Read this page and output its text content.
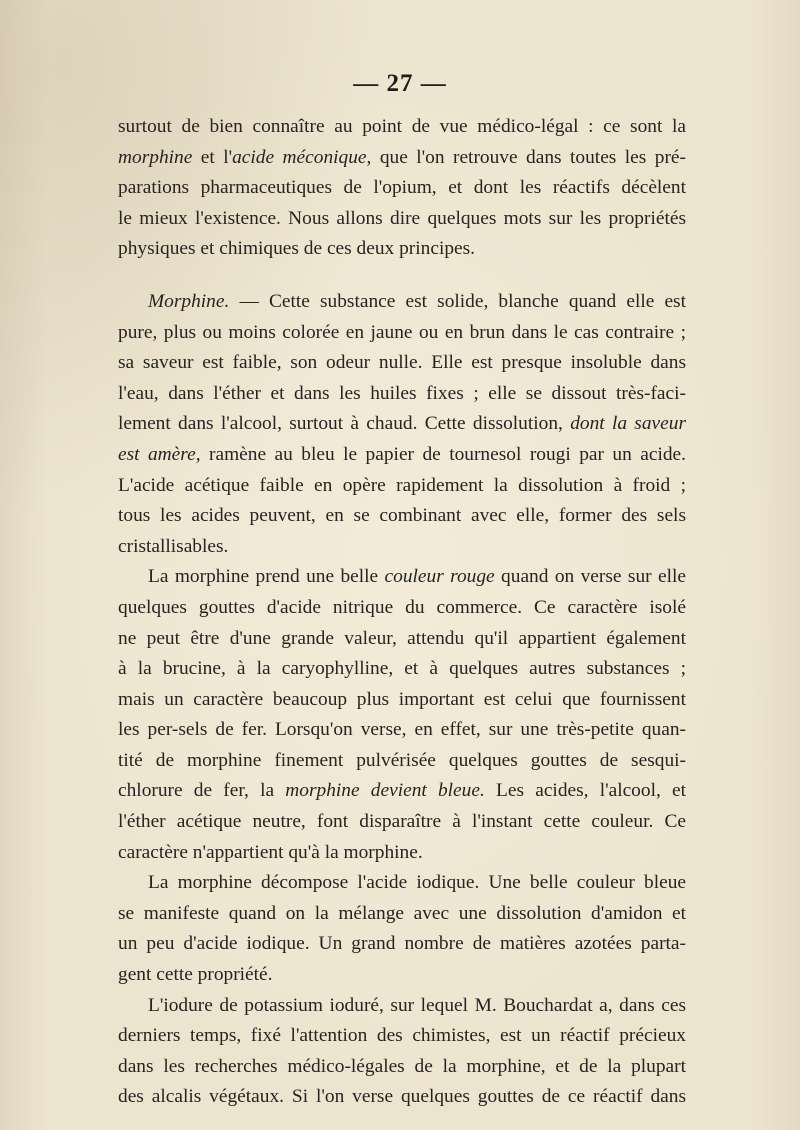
— 27 —
surtout de bien connaître au point de vue médico-légal : ce sont la
morphine et l'acide méconique, que l'on retrouve dans toutes les pré-
parations pharmaceutiques de l'opium, et dont les réactifs décèlent
le mieux l'existence. Nous allons dire quelques mots sur les propriétés
physiques et chimiques de ces deux principes.
Morphine. — Cette substance est solide, blanche quand elle est
pure, plus ou moins colorée en jaune ou en brun dans le cas contraire ;
sa saveur est faible, son odeur nulle. Elle est presque insoluble dans
l'eau, dans l'éther et dans les huiles fixes ; elle se dissout très-faci-
lement dans l'alcool, surtout à chaud. Cette dissolution, dont la saveur
est amère, ramène au bleu le papier de tournesol rougi par un acide.
L'acide acétique faible en opère rapidement la dissolution à froid ;
tous les acides peuvent, en se combinant avec elle, former des sels
cristallisables.
La morphine prend une belle couleur rouge quand on verse sur elle
quelques gouttes d'acide nitrique du commerce. Ce caractère isolé
ne peut être d'une grande valeur, attendu qu'il appartient également
à la brucine, à la caryophylline, et à quelques autres substances ;
mais un caractère beaucoup plus important est celui que fournissent
les per-sels de fer. Lorsqu'on verse, en effet, sur une très-petite quan-
tité de morphine finement pulvérisée quelques gouttes de sesqui-
chlorure de fer, la morphine devient bleue. Les acides, l'alcool, et
l'éther acétique neutre, font disparaître à l'instant cette couleur. Ce
caractère n'appartient qu'à la morphine.
La morphine décompose l'acide iodique. Une belle couleur bleue
se manifeste quand on la mélange avec une dissolution d'amidon et
un peu d'acide iodique. Un grand nombre de matières azotées parta-
gent cette propriété.
L'iodure de potassium ioduré, sur lequel M. Bouchardat a, dans ces
derniers temps, fixé l'attention des chimistes, est un réactif précieux
dans les recherches médico-légales de la morphine, et de la plupart
des alcalis végétaux. Si l'on verse quelques gouttes de ce réactif dans
